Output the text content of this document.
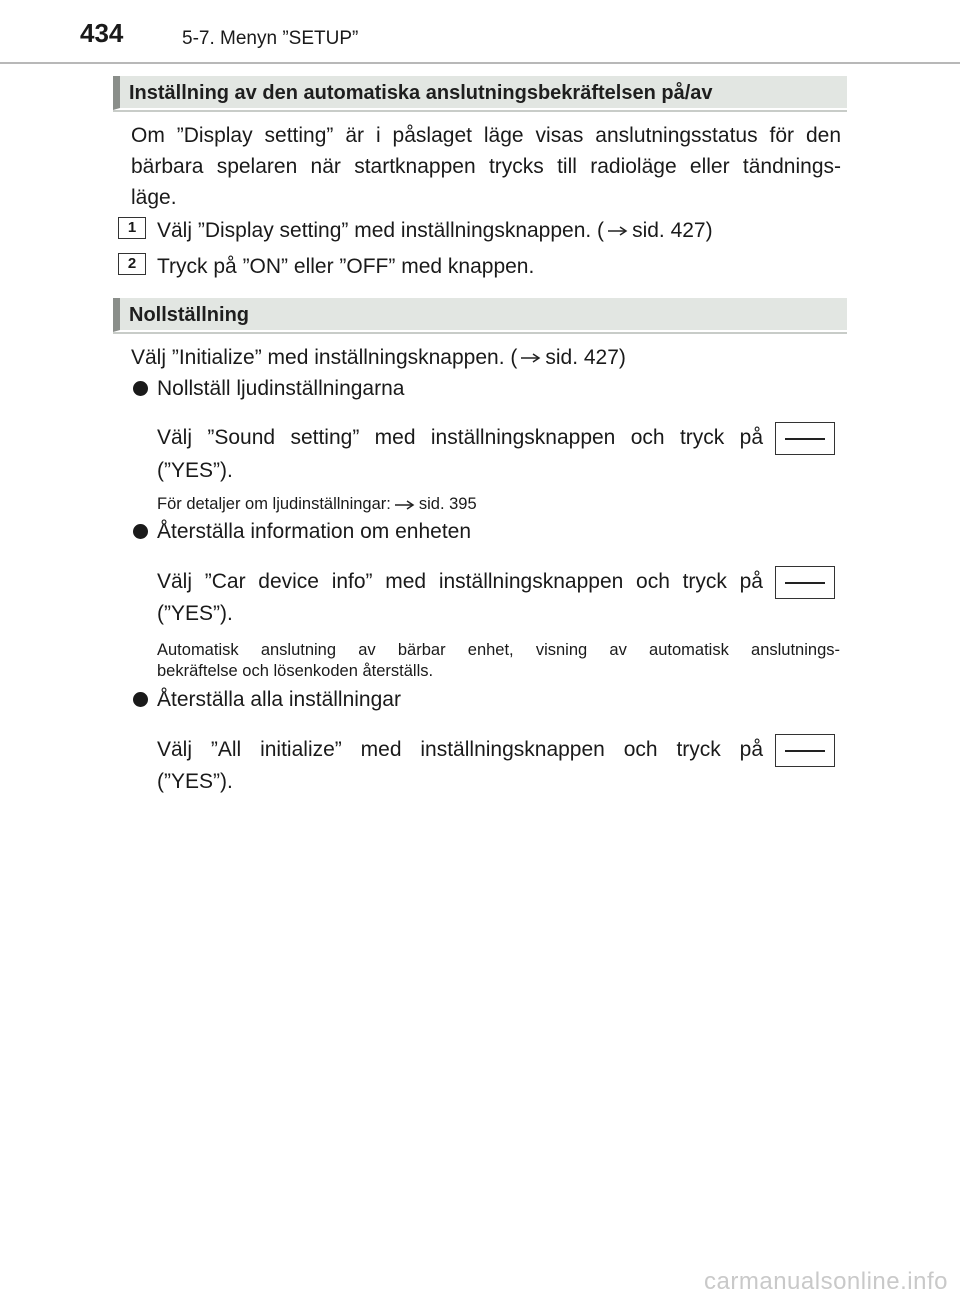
434	5-7. Menyn ”SETUP”
Inställning av den automatiska anslutningsbekräftelsen på/av
Om ”Display setting” är i påslaget läge visas anslutningsstatus för den
bärbara spelaren när startknappen trycks till radioläge eller tändnings-
läge.
1 Välj ”Display setting” med inställningsknappen. ( sid. 427)
2 Tryck på ”ON” eller ”OFF” med knappen.
Nollställning
Välj ”Initialize” med inställningsknappen. ( sid. 427)
Nollställ ljudinställningarna
Välj ”Sound setting” med inställningsknappen och tryck på
(”YES”).
För detaljer om ljudinställningar: sid. 395
Återställa information om enheten
Välj ”Car device info” med inställningsknappen och tryck på
(”YES”).
Automatisk anslutning av bärbar enhet, visning av automatisk anslutnings-
bekräftelse och lösenkoden återställs.
Återställa alla inställningar
Välj ”All initialize” med inställningsknappen och tryck på
(”YES”).
carmanualsonline.info
